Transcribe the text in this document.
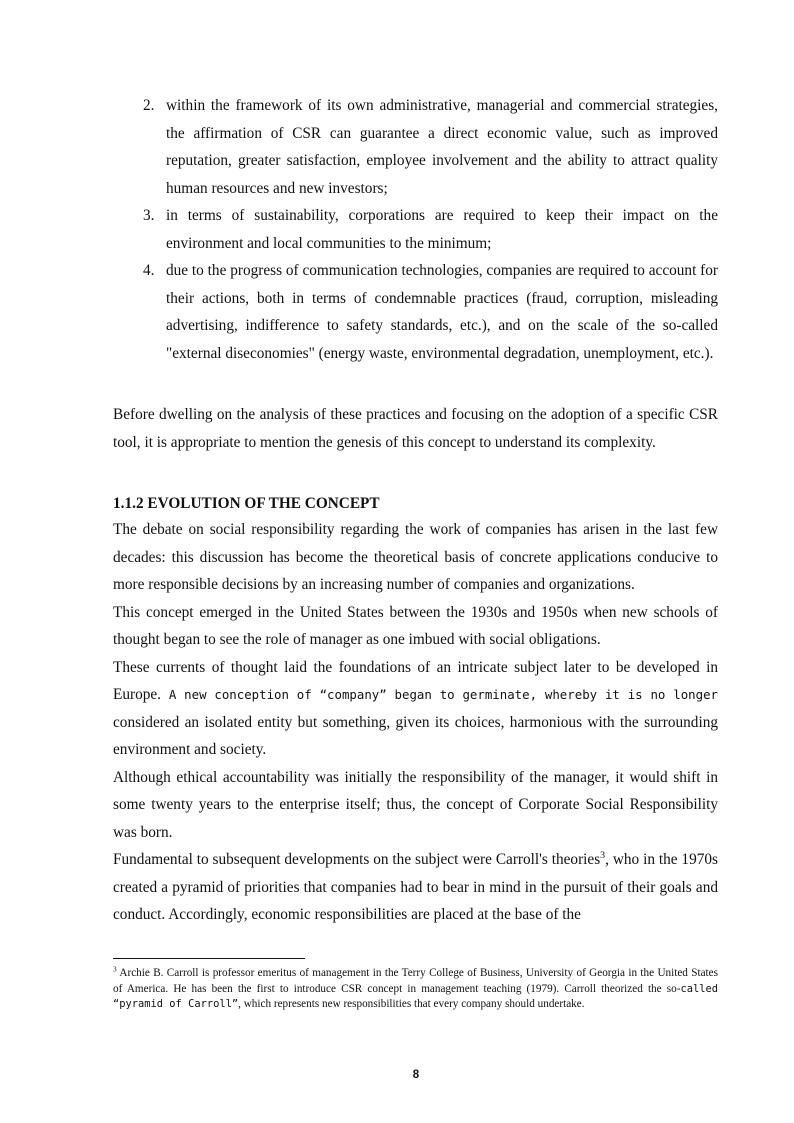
2. within the framework of its own administrative, managerial and commercial strategies, the affirmation of CSR can guarantee a direct economic value, such as improved reputation, greater satisfaction, employee involvement and the ability to attract quality human resources and new investors;
3. in terms of sustainability, corporations are required to keep their impact on the environment and local communities to the minimum;
4. due to the progress of communication technologies, companies are required to account for their actions, both in terms of condemnable practices (fraud, corruption, misleading advertising, indifference to safety standards, etc.), and on the scale of the so-called "external diseconomies" (energy waste, environmental degradation, unemployment, etc.).

Before dwelling on the analysis of these practices and focusing on the adoption of a specific CSR tool, it is appropriate to mention the genesis of this concept to understand its complexity.

1.1.2 EVOLUTION OF THE CONCEPT

The debate on social responsibility regarding the work of companies has arisen in the last few decades: this discussion has become the theoretical basis of concrete applications conducive to more responsible decisions by an increasing number of companies and organizations.

This concept emerged in the United States between the 1930s and 1950s when new schools of thought began to see the role of manager as one imbued with social obligations.

These currents of thought laid the foundations of an intricate subject later to be developed in Europe. A new conception of “company” began to germinate, whereby it is no longer considered an isolated entity but something, given its choices, harmonious with the surrounding environment and society.

Although ethical accountability was initially the responsibility of the manager, it would shift in some twenty years to the enterprise itself; thus, the concept of Corporate Social Responsibility was born.

Fundamental to subsequent developments on the subject were Carroll's theories$^3$, who in the 1970s created a pyramid of priorities that companies had to bear in mind in the pursuit of their goals and conduct. Accordingly, economic responsibilities are placed at the base of the

$^3$ Archie B. Carroll is professor emeritus of management in the Terry College of Business, University of Georgia in the United States of America. He has been the first to introduce CSR concept in management teaching (1979). Carroll theorized the so-called “pyramid of Carroll”, which represents new responsibilities that every company should undertake.
8
